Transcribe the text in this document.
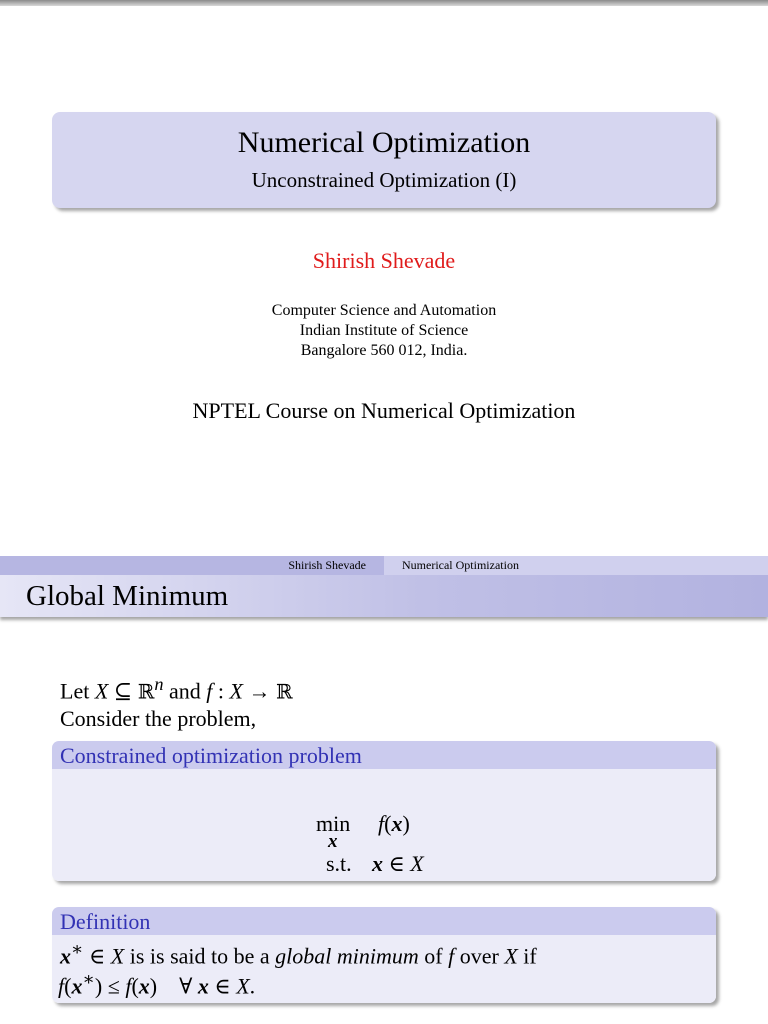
Numerical Optimization
Unconstrained Optimization (I)
Shirish Shevade
Computer Science and Automation
Indian Institute of Science
Bangalore 560 012, India.
NPTEL Course on Numerical Optimization
Shirish Shevade	Numerical Optimization
Global Minimum
Let X ⊆ ℝ$^n$ and f : X → ℝ
Consider the problem,
Constrained optimization problem
min
x
f(x)
s.t. x ∈ X
Definition
x∗ ∈ X is is said to be a global minimum of f over X if
f(x∗) ≤ f(x)    ∀ x ∈ X.
